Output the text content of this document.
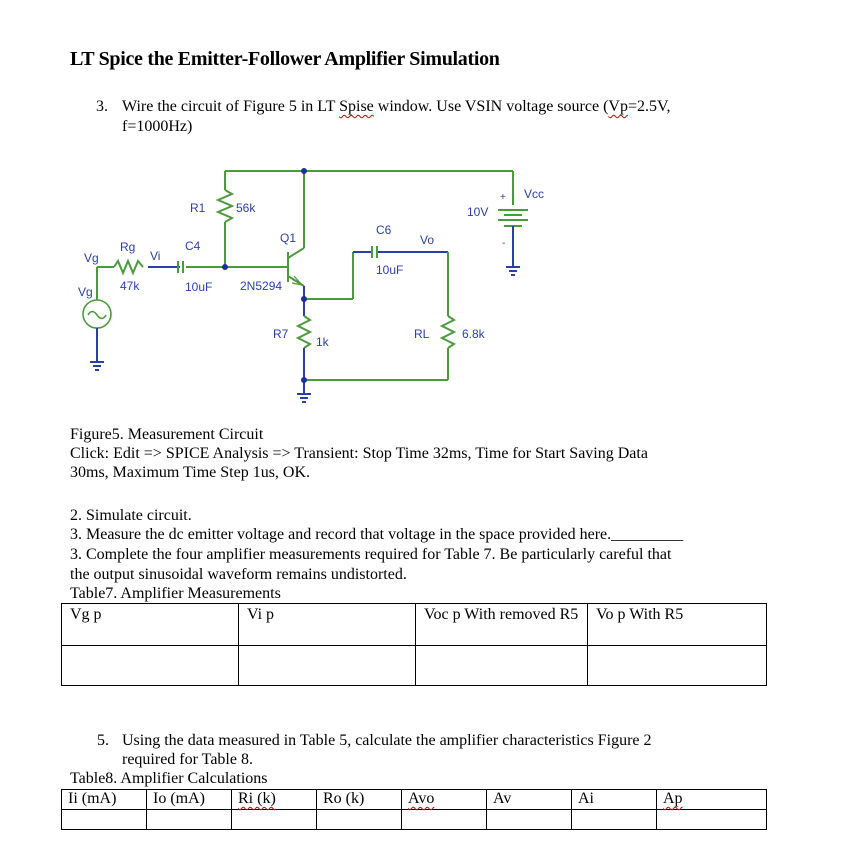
LT Spice the Emitter-Follower Amplifier Simulation
3. Wire the circuit of Figure 5 in LT Spise window. Use VSIN voltage source (Vp=2.5V,
f=1000Hz)
Vg
Vg
Rg
47k
Vi
C4
10uF
R1	56k
Q1
2N5294
R7
1k
C6
10uF
Vo
RL	6.8k
Vcc
10V
+
-
Figure5. Measurement Circuit
Click: Edit => SPICE Analysis => Transient: Stop Time 32ms, Time for Start Saving Data
30ms, Maximum Time Step 1us, OK.
2. Simulate circuit.
3. Measure the dc emitter voltage and record that voltage in the space provided here._________
3. Complete the four amplifier measurements required for Table 7. Be particularly careful that
the output sinusoidal waveform remains undistorted.
Table7. Amplifier Measurements
Vg p	Vi p	Voc p With removed R5	Vo p With R5

5. Using the data measured in Table 5, calculate the amplifier characteristics Figure 2
required for Table 8.
Table8. Amplifier Calculations
Ii (mA)	Io (mA)	Ri (k)	Ro (k)	Avo	Av	Ai	Ap
